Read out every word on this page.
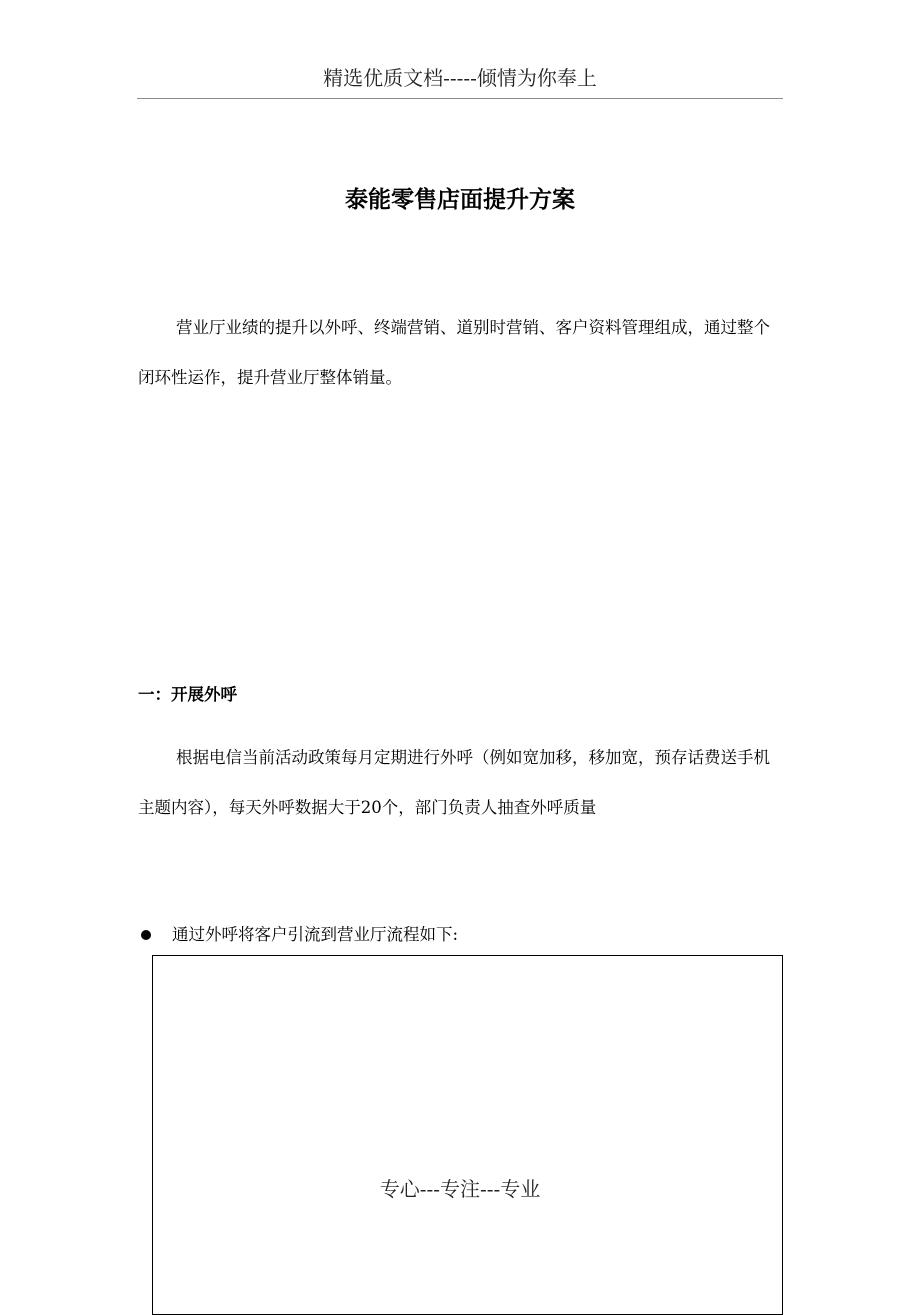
精选优质文档-----倾情为你奉上
泰能零售店面提升方案
营业厅业绩的提升以外呼、终端营销、道别时营销、客户资料管理组成，通过整个闭环性运作，提升营业厅整体销量。
一：开展外呼
根据电信当前活动政策每月定期进行外呼（例如宽加移，移加宽，预存话费送手机主题内容），每天外呼数据大于20个，部门负责人抽查外呼质量
通过外呼将客户引流到营业厅流程如下:
专心---专注---专业
